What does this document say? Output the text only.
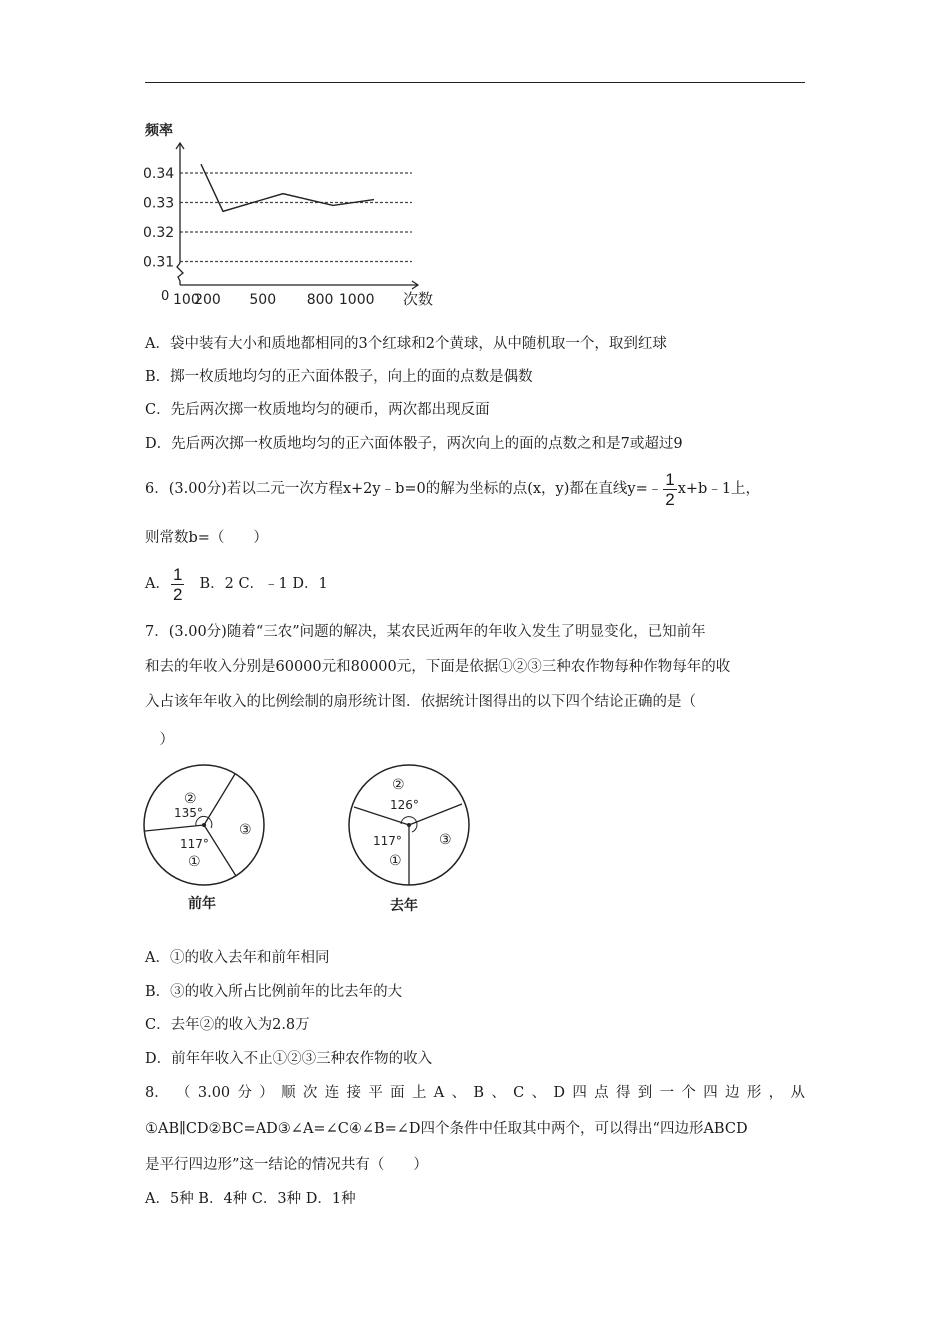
频率
次数
0
0.34
0.33
0.32
0.31
100
200 500 800 1000
A．袋中装有大小和质地都相同的3个红球和2个黄球，从中随机取一个，取到红球
B．掷一枚质地均匀的正六面体骰子，向上的面的点数是偶数
C．先后两次掷一枚质地均匀的硬币，两次都出现反面
D．先后两次掷一枚质地均匀的正六面体骰子，两次向上的面的点数之和是7或超过9
6．(3.00分)若以二元一次方程x+2y﹣b=0的解为坐标的点(x，y)都在直线y=﹣ $\frac{1}{2}$ x+b﹣1上，
则常数b=（　　）
A． $\frac{1}{2}$ B．2 C．﹣1 D．1
7．(3.00分)随着“三农”问题的解决，某农民近两年的年收入发生了明显变化，已知前年
和去的年收入分别是60000元和80000元，下面是依据①②③三种农作物每种作物每年的收
入占该年年收入的比例绘制的扇形统计图．依据统计图得出的以下四个结论正确的是（
　）
②
135°
117°
①
③
前年
②
126°
117°
①
③
去年
A．①的收入去年和前年相同
B．③的收入所占比例前年的比去年的大
C．去年②的收入为2.8万
D．前年年收入不止①②③三种农作物的收入
8． （ 3.00 分 ） 顺 次 连 接 平 面 上 A 、 B 、 C 、 D 四 点 得 到 一 个 四 边 形 ， 从
①AB∥CD②BC=AD③∠A=∠C④∠B=∠D四个条件中任取其中两个，可以得出“四边形ABCD
是平行四边形”这一结论的情况共有（　　）
A．5种 B．4种 C．3种 D．1种
